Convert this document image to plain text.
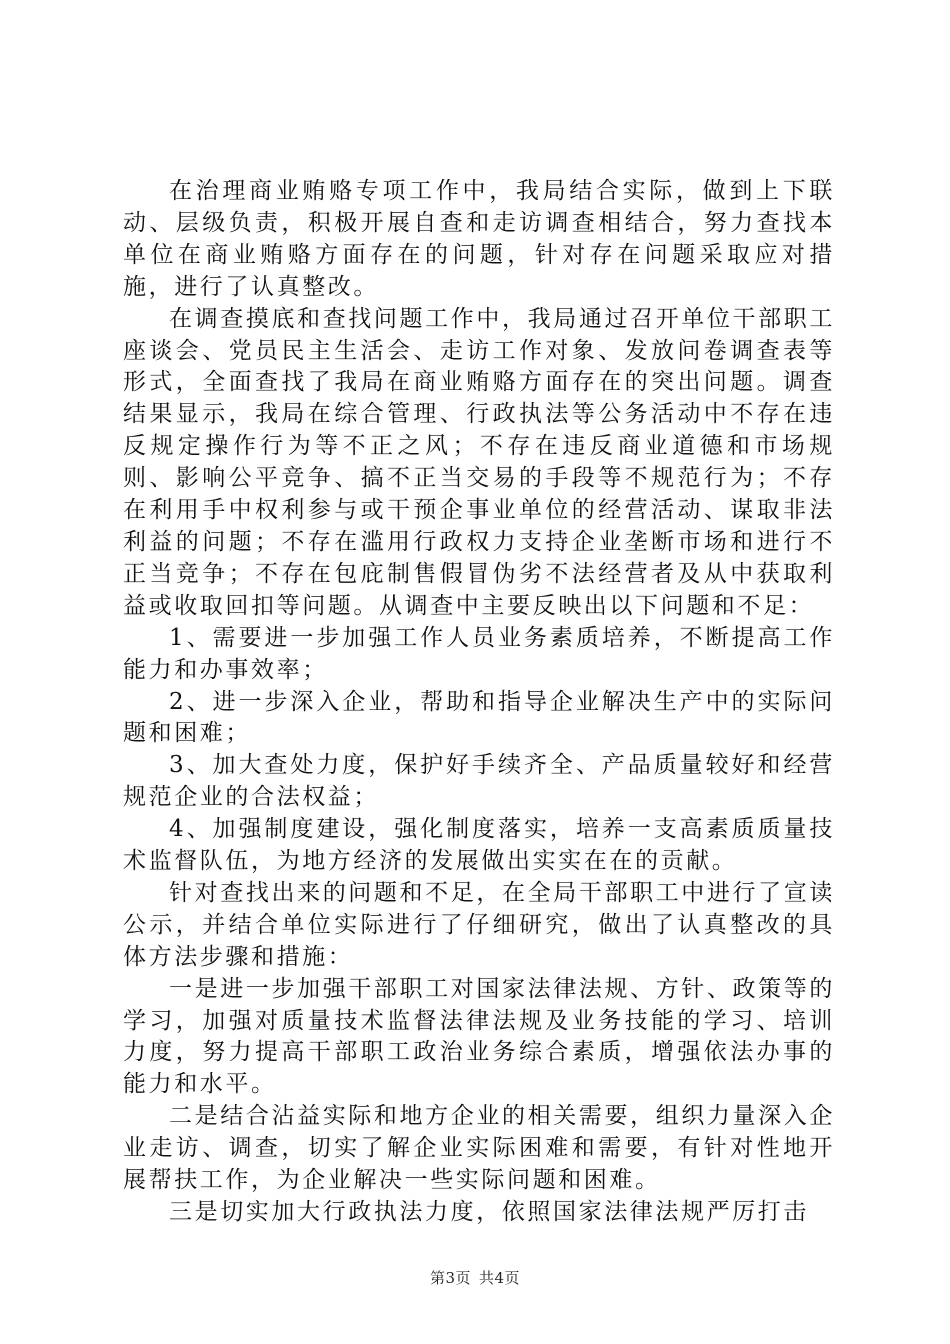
在治理商业贿赂专项工作中，我局结合实际，做到上下联动、层级负责，积极开展自查和走访调查相结合，努力查找本单位在商业贿赂方面存在的问题，针对存在问题采取应对措施，进行了认真整改。

在调查摸底和查找问题工作中，我局通过召开单位干部职工座谈会、党员民主生活会、走访工作对象、发放问卷调查表等形式，全面查找了我局在商业贿赂方面存在的突出问题。调查结果显示，我局在综合管理、行政执法等公务活动中不存在违反规定操作行为等不正之风；不存在违反商业道德和市场规则、影响公平竞争、搞不正当交易的手段等不规范行为；不存在利用手中权利参与或干预企事业单位的经营活动、谋取非法利益的问题；不存在滥用行政权力支持企业垄断市场和进行不正当竞争；不存在包庇制售假冒伪劣不法经营者及从中获取利益或收取回扣等问题。从调查中主要反映出以下问题和不足：

1、需要进一步加强工作人员业务素质培养，不断提高工作能力和办事效率；

2、进一步深入企业，帮助和指导企业解决生产中的实际问题和困难；

3、加大查处力度，保护好手续齐全、产品质量较好和经营规范企业的合法权益；

4、加强制度建设，强化制度落实，培养一支高素质质量技术监督队伍，为地方经济的发展做出实实在在的贡献。

针对查找出来的问题和不足，在全局干部职工中进行了宣读公示，并结合单位实际进行了仔细研究，做出了认真整改的具体方法步骤和措施：

一是进一步加强干部职工对国家法律法规、方针、政策等的学习，加强对质量技术监督法律法规及业务技能的学习、培训力度，努力提高干部职工政治业务综合素质，增强依法办事的能力和水平。

二是结合沾益实际和地方企业的相关需要，组织力量深入企业走访、调查，切实了解企业实际困难和需要，有针对性地开展帮扶工作，为企业解决一些实际问题和困难。

三是切实加大行政执法力度，依照国家法律法规严厉打击

第3页 共4页
